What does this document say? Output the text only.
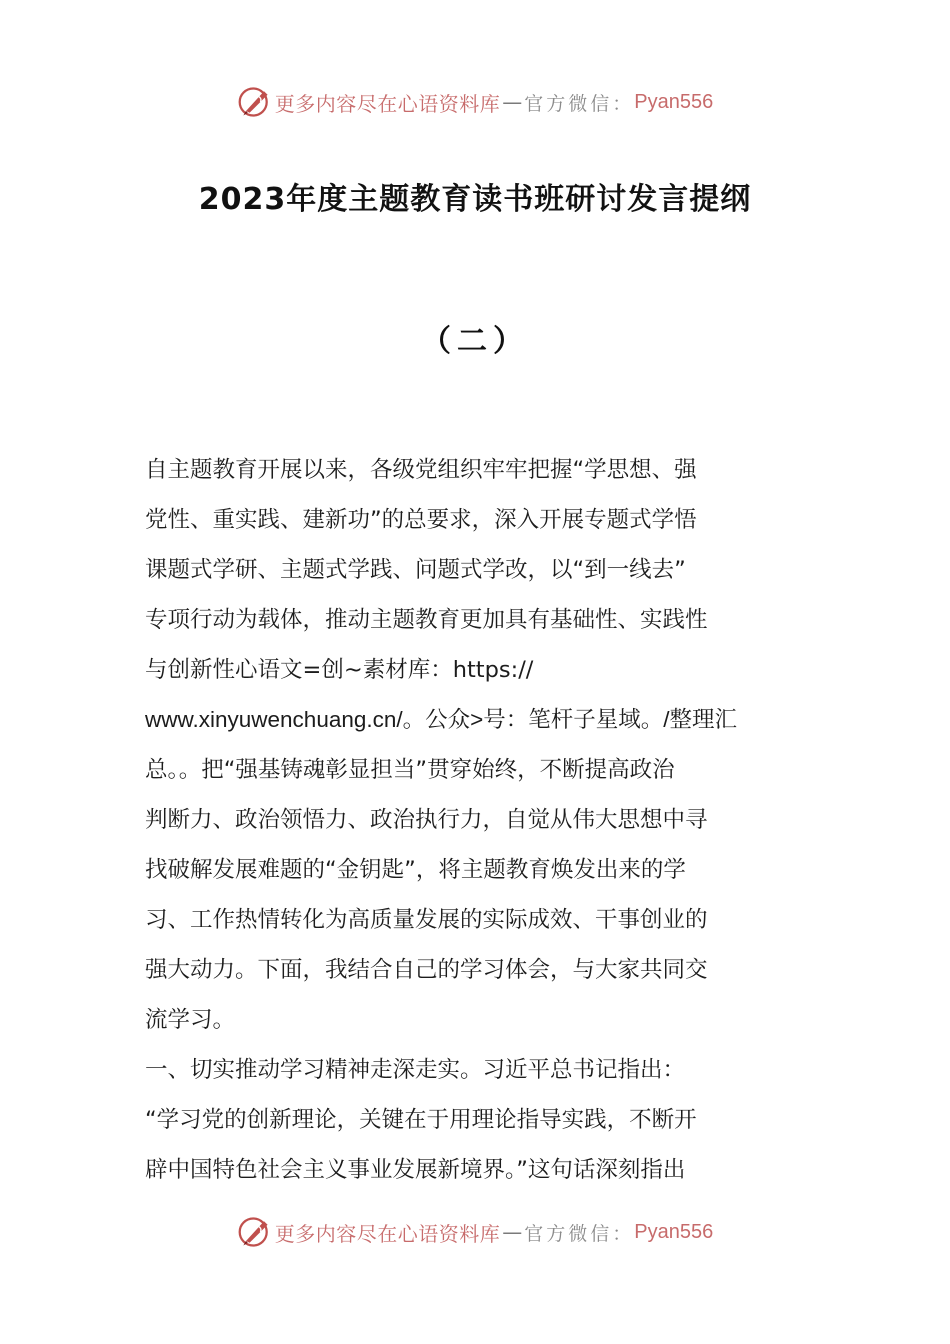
更多内容尽在心语资料库 — 官方微信： Pyan556
2023年度主题教育读书班研讨发言提纲
（二）
自主题教育开展以来，各级党组织牢牢把握“学思想、强
党性、重实践、建新功”的总要求，深入开展专题式学悟
课题式学研、主题式学践、问题式学改，以“到一线去”
专项行动为载体，推动主题教育更加具有基础性、实践性
与创新性心语文=创~素材库：https://
www.xinyuwenchuang.cn/。公众>号：笔杆子星域。/整理汇
总。。把“强基铸魂彰显担当”贯穿始终，不断提高政治
判断力、政治领悟力、政治执行力，自觉从伟大思想中寻
找破解发展难题的“金钥匙”，将主题教育焕发出来的学
习、工作热情转化为高质量发展的实际成效、干事创业的
强大动力。下面，我结合自己的学习体会，与大家共同交
流学习。
一、切实推动学习精神走深走实。习近平总书记指出：
“学习党的创新理论，关键在于用理论指导实践，不断开
辟中国特色社会主义事业发展新境界。”这句话深刻指出
更多内容尽在心语资料库 — 官方微信： Pyan556
